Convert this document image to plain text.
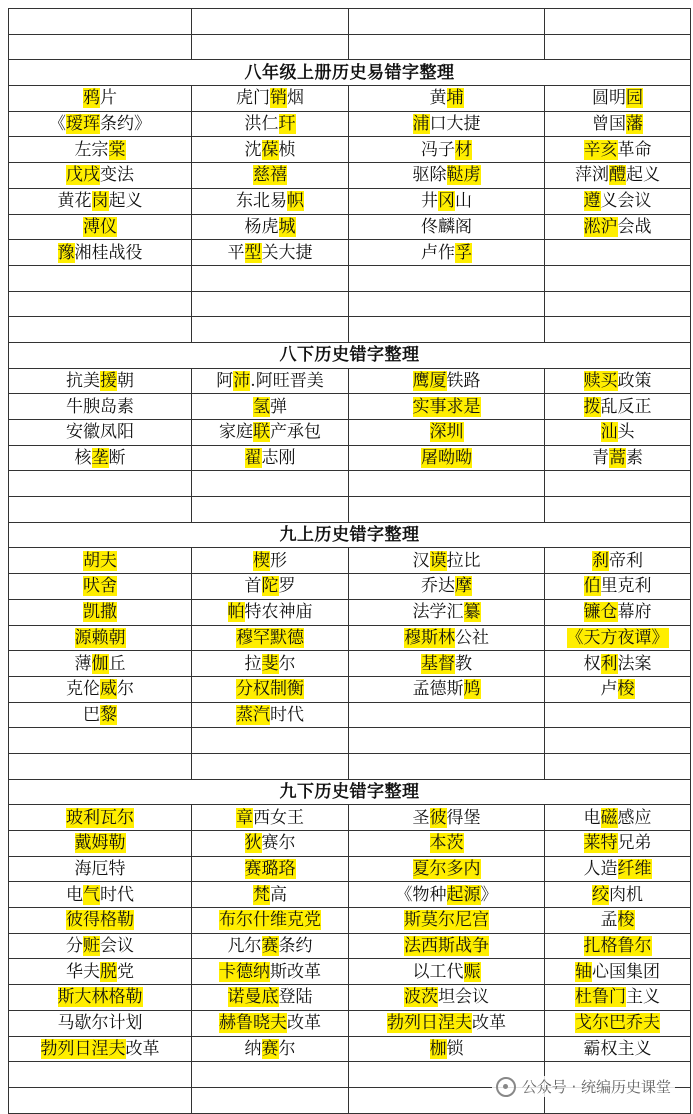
八年级上册历史易错字整理			
鸦片	虎门销烟	黄埔	圆明园
《瑷珲条约》	洪仁玕	浦口大捷	曾国藩
左宗棠	沈葆桢	冯子材	辛亥革命
戊戌变法	慈禧	驱除鞑虏	萍浏醴起义
黄花岗起义	东北易帜	井冈山	遵义会议
溥仪	杨虎城	佟麟阁	淞沪会战
豫湘桂战役	平型关大捷	卢作孚	

八下历史错字整理			
抗美援朝	阿沛.阿旺晋美	鹰厦铁路	赎买政策
牛腴岛素	氢弹	实事求是	拨乱反正
安徽凤阳	家庭联产承包	深圳	汕头
核垄断	翟志刚	屠呦呦	青蒿素

九上历史错字整理			
胡夫	楔形	汉谟拉比	刹帝利
吠舍	首陀罗	乔达摩	伯里克利
凯撒	帕特农神庙	法学汇纂	镰仓幕府
源赖朝	穆罕默德	穆斯林公社	《天方夜谭》
薄伽丘	拉斐尔	基督教	权利法案
克伦威尔	分权制衡	孟德斯鸠	卢梭
巴黎	蒸汽时代		

九下历史错字整理			
玻利瓦尔	章西女王	圣彼得堡	电磁感应
戴姆勒	狄赛尔	本茨	莱特兄弟
海厄特	赛璐珞	夏尔多内	人造纤维
电气时代	梵高	《物种起源》	绞肉机
彼得格勒	布尔什维克党	斯莫尔尼宫	孟梭
分赃会议	凡尔赛条约	法西斯战争	扎格鲁尔
华夫脱党	卡德纳斯改革	以工代赈	轴心国集团
斯大林格勒	诺曼底登陆	波茨坦会议	杜鲁门主义
马歇尔计划	赫鲁晓夫改革	勃列日涅夫改革	戈尔巴乔夫
勃列日涅夫改革	纳赛尔	枷锁	霸权主义

公众号 · 统编历史课堂
